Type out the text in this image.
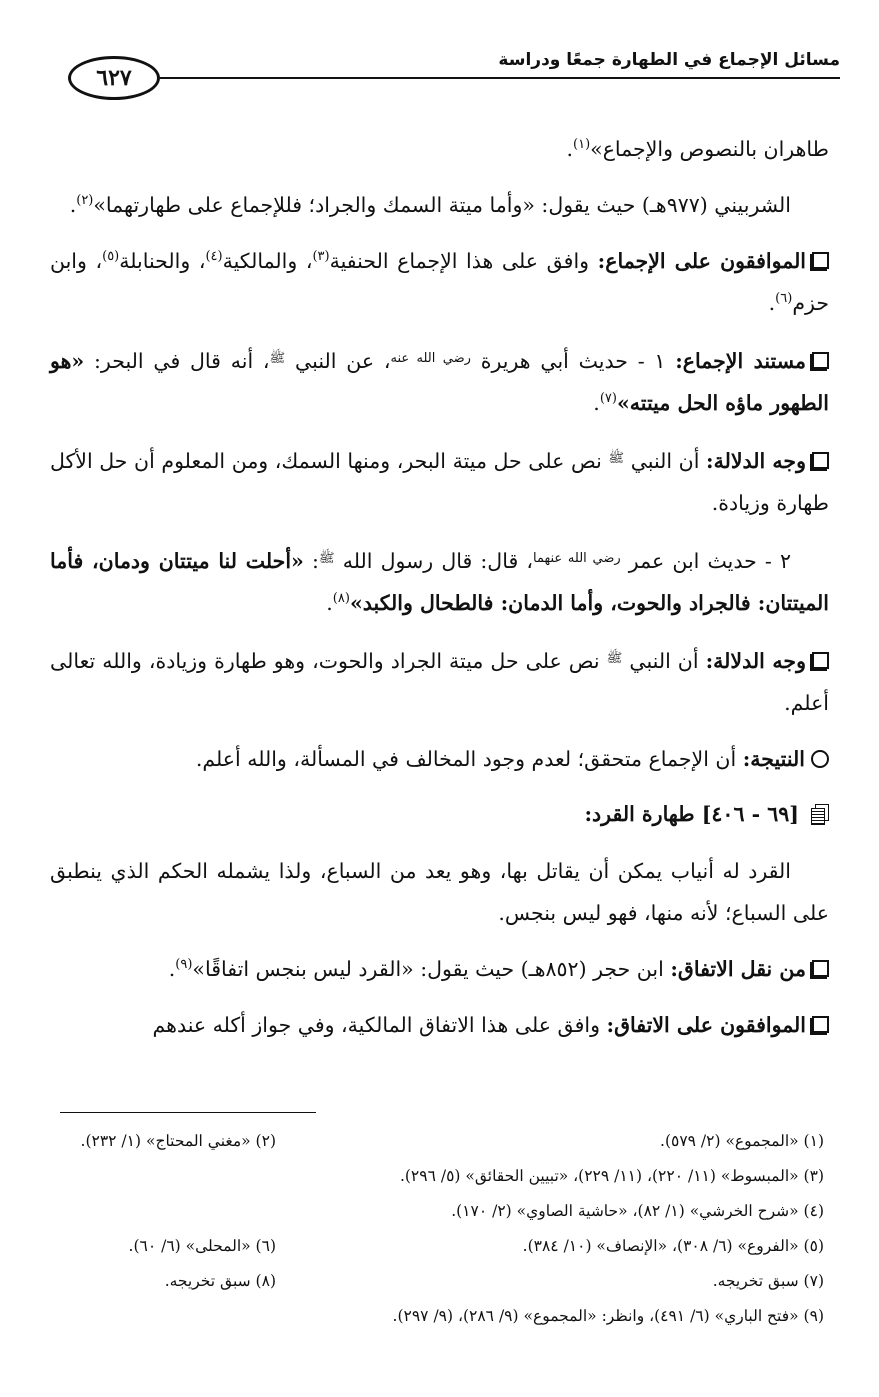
مسائل الإجماع في الطهارة جمعًا ودراسة
٦٢٧

طاهران بالنصوص والإجماع»$^{(١)}$.

الشربيني (٩٧٧هـ) حيث يقول: «وأما ميتة السمك والجراد؛ فللإجماع على طهارتهما»$^{(٢)}$.

الموافقون على الإجماع: وافق على هذا الإجماع الحنفية$^{(٣)}$، والمالكية$^{(٤)}$، والحنابلة$^{(٥)}$، وابن حزم$^{(٦)}$.

مستند الإجماع: ١ - حديث أبي هريرة $^{رضي الله عنه}$، عن النبي $^ﷺ$، أنه قال في البحر: «هو الطهور ماؤه الحل ميتته»$^{(٧)}$.

وجه الدلالة: أن النبي $^ﷺ$ نص على حل ميتة البحر، ومنها السمك، ومن المعلوم أن حل الأكل طهارة وزيادة.

٢ - حديث ابن عمر $^{رضي الله عنهما}$، قال: قال رسول الله $^ﷺ$: «أحلت لنا ميتتان ودمان، فأما الميتتان: فالجراد والحوت، وأما الدمان: فالطحال والكبد»$^{(٨)}$.

وجه الدلالة: أن النبي $^ﷺ$ نص على حل ميتة الجراد والحوت، وهو طهارة وزيادة، والله تعالى أعلم.

النتيجة: أن الإجماع متحقق؛ لعدم وجود المخالف في المسألة، والله أعلم.

[٦٩ - ٤٠٦] طهارة القرد:

القرد له أنياب يمكن أن يقاتل بها، وهو يعد من السباع، ولذا يشمله الحكم الذي ينطبق على السباع؛ لأنه منها، فهو ليس بنجس.

من نقل الاتفاق: ابن حجر (٨٥٢هـ) حيث يقول: «القرد ليس بنجس اتفاقًا»$^{(٩)}$.

الموافقون على الاتفاق: وافق على هذا الاتفاق المالكية، وفي جواز أكله عندهم

(١) «المجموع» (٢/ ٥٧٩).
(٢) «مغني المحتاج» (١/ ٢٣٢).
(٣) «المبسوط» (١١/ ٢٢٠)، (١١/ ٢٢٩)، «تبيين الحقائق» (٥/ ٢٩٦).
(٤) «شرح الخرشي» (١/ ٨٢)، «حاشية الصاوي» (٢/ ١٧٠).
(٥) «الفروع» (٦/ ٣٠٨)، «الإنصاف» (١٠/ ٣٨٤).
(٦) «المحلى» (٦/ ٦٠).
(٧) سبق تخريجه.
(٨) سبق تخريجه.
(٩) «فتح الباري» (٦/ ٤٩١)، وانظر: «المجموع» (٩/ ٢٨٦)، (٩/ ٢٩٧).
